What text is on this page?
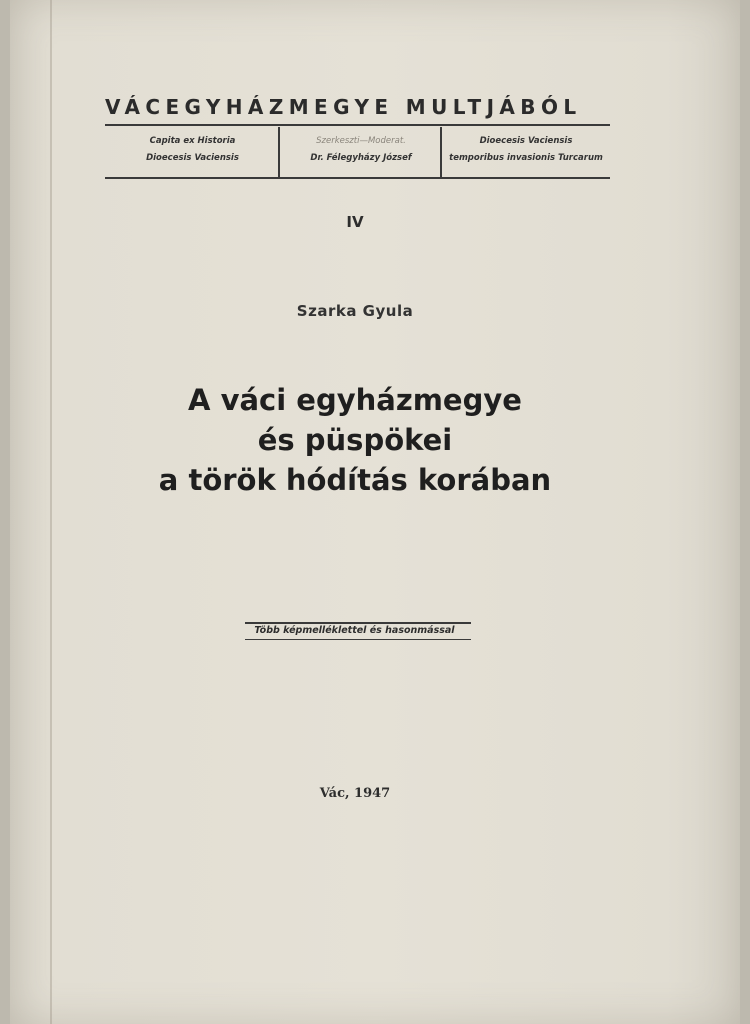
VÁCEGYHÁZMEGYE MULTJÁBÓL
Capita ex Historia
Dioecesis Vaciensis
Szerkeszti—Moderat.
Dr. Félegyházy József
Dioecesis Vaciensis
temporibus invasionis Turcarum
IV
Szarka Gyula
A váci egyházmegye
és püspökei
a török hódítás korában
Több képmelléklettel és hasonmással
Vác, 1947
